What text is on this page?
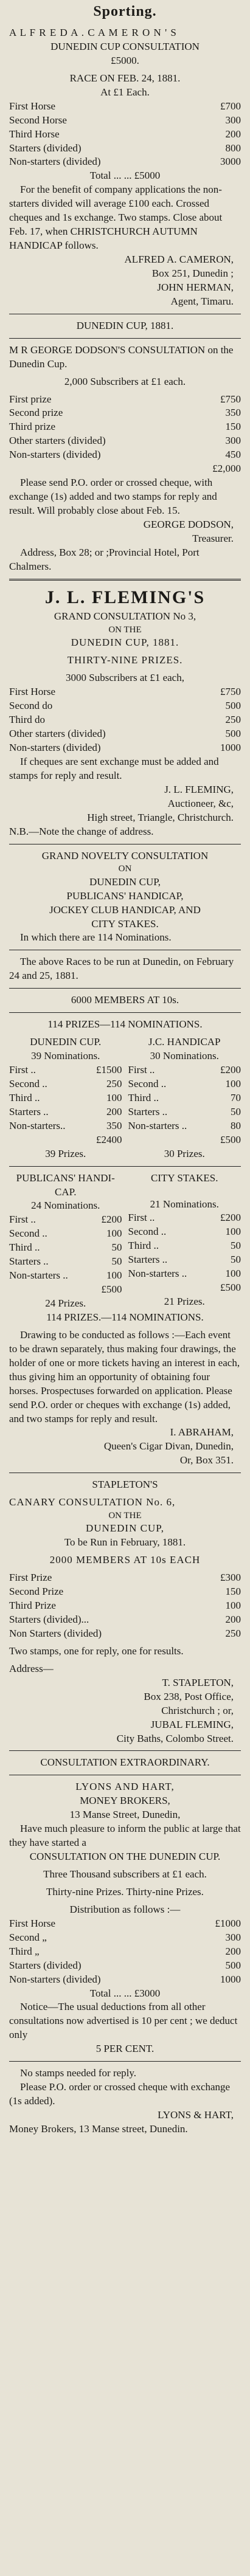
Sporting.
A L F R E D A . C A M E R O N ' S
DUNEDIN CUP CONSULTATION
£5000.
RACE ON FEB. 24, 1881.
At £1 Each.
First Horse	£700
Second Horse	300
Third Horse	200
Starters (divided)	800
Non-starters (divided)	3000
Total ... ... £5000
For the benefit of company applications the non-starters divided will average £100 each. Crossed cheques and 1s exchange. Two stamps. Close about Feb. 17, when CHRISTCHURCH AUTUMN HANDICAP follows.
ALFRED A. CAMERON,
Box 251, Dunedin ;
JOHN HERMAN,
Agent, Timaru.
DUNEDIN CUP, 1881.
M R GEORGE DODSON'S CONSULTATION on the Dunedin Cup.
2,000 Subscribers at £1 each.
First prize	£750
Second prize	350
Third prize	150
Other starters (divided)	300
Non-starters (divided)	450
£2,000
Please send P.O. order or crossed cheque, with exchange (1s) added and two stamps for reply and result. Will probably close about Feb. 15.
GEORGE DODSON,
Treasurer.
Address, Box 28; or ;Provincial Hotel, Port Chalmers.
J. L. FLEMING'S
GRAND CONSULTATION No 3,
ON THE
DUNEDIN CUP, 1881.
THIRTY-NINE PRIZES.
3000 Subscribers at £1 each,
First Horse	£750
Second do	500
Third do	250
Other starters (divided)	500
Non-starters (divided)	1000
If cheques are sent exchange must be added and stamps for reply and result.
J. L. FLEMING,
Auctioneer, &c,
High street, Triangle, Christchurch.
N.B.—Note the change of address.
GRAND NOVELTY CONSULTATION
ON
DUNEDIN CUP,
PUBLICANS' HANDICAP,
JOCKEY CLUB HANDICAP, AND
CITY STAKES.
In which there are 114 Nominations.
The above Races to be run at Dunedin, on February 24 and 25, 1881.
6000 MEMBERS AT 10s.
114 PRIZES—114 NOMINATIONS.
DUNEDIN CUP.
39 Nominations.
First ..	£1500
Second ..	250
Third ..	100
Starters ..	200
Non-starters..	350
£2400
39 Prizes.
J.C. HANDICAP
30 Nominations.
First ..	£200
Second ..	100
Third ..	70
Starters ..	50
Non-starters ..	80
£500
30 Prizes.
PUBLICANS' HANDI-
CAP.
24 Nominations.
First ..	£200
Second ..	100
Third ..	50
Starters ..	50
Non-starters ..	100
£500
24 Prizes.
CITY STAKES.
21 Nominations.
First ..	£200
Second ..	100
Third ..	50
Starters ..	50
Non-starters ..	100
£500
21 Prizes.
114 PRIZES.—114 NOMINATIONS.
Drawing to be conducted as follows :—Each event to be drawn separately, thus making four drawings, the holder of one or more tickets having an interest in each, thus giving him an opportunity of obtaining four horses. Prospectuses forwarded on application. Please send P.O. order or cheques with exchange (1s) added, and two stamps for reply and result.
I. ABRAHAM,
Queen's Cigar Divan, Dunedin,
Or, Box 351.
STAPLETON'S
CANARY CONSULTATION No. 6,
ON THE
DUNEDIN CUP,
To be Run in February, 1881.
2000 MEMBERS AT 10s EACH
First Prize	£300
Second Prize	150
Third Prize	100
Starters (divided)...	200
Non Starters (divided)	250
Two stamps, one for reply, one for results.
Address—
T. STAPLETON,
Box 238, Post Office,
Christchurch ; or,
JUBAL FLEMING,
City Baths, Colombo Street.
CONSULTATION EXTRAORDINARY.
LYONS AND HART,
MONEY BROKERS,
13 Manse Street, Dunedin,
Have much pleasure to inform the public at large that they have started a
CONSULTATION ON THE DUNEDIN CUP.
Three Thousand subscribers at £1 each.
Thirty-nine Prizes. Thirty-nine Prizes.
Distribution as follows :—
First Horse	£1000
Second „	300
Third „	200
Starters (divided)	500
Non-starters (divided)	1000
Total ... ... £3000
Notice—The usual deductions from all other consultations now advertised is 10 per cent ; we deduct only
5 PER CENT.
No stamps needed for reply.
Please P.O. order or crossed cheque with exchange (1s added).
LYONS & HART,
Money Brokers, 13 Manse street, Dunedin.
